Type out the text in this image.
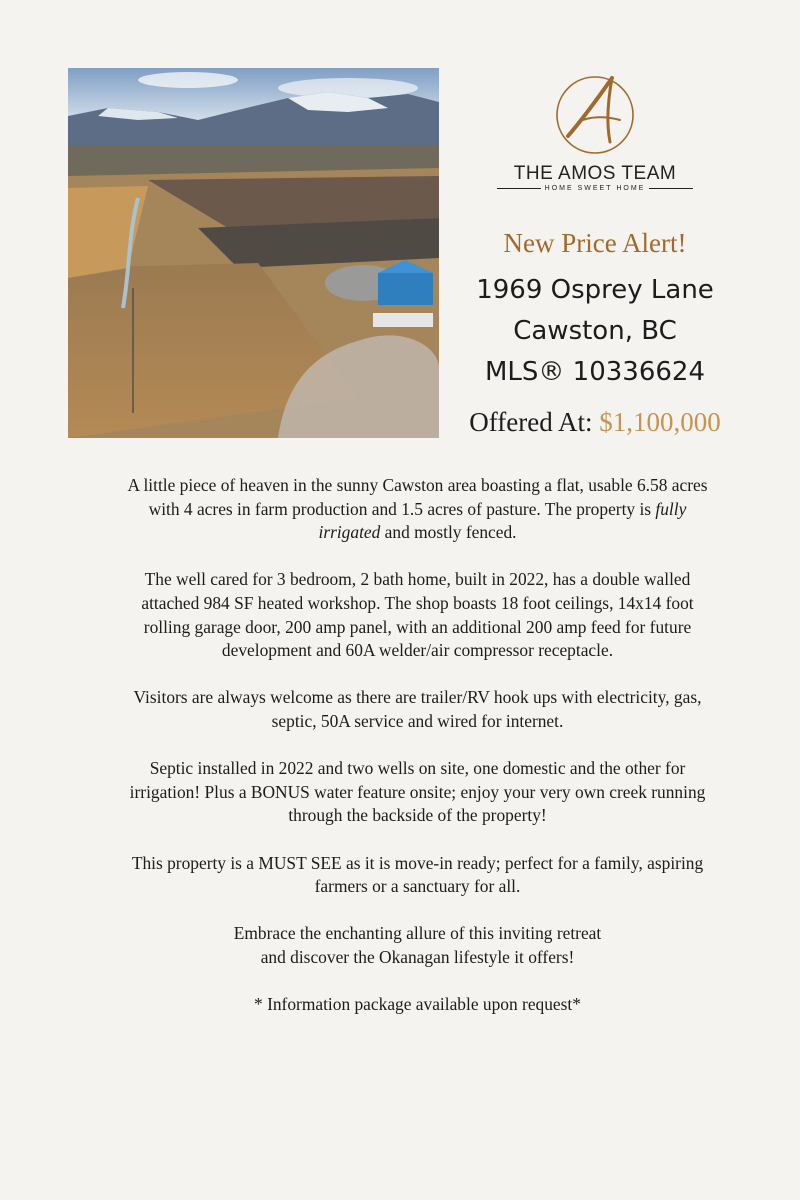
A
THE AMOS TEAM
HOME SWEET HOME
New Price Alert!
1969 Osprey Lane
Cawston, BC
MLS® 10336624
Offered At: $1,100,000

A little piece of heaven in the sunny Cawston area boasting a flat, usable 6.58 acres with 4 acres in farm production and 1.5 acres of pasture. The property is fully irrigated and mostly fenced.

The well cared for 3 bedroom, 2 bath home, built in 2022, has a double walled attached 984 SF heated workshop. The shop boasts 18 foot ceilings, 14x14 foot rolling garage door, 200 amp panel, with an additional 200 amp feed for future development and 60A welder/air compressor receptacle.

Visitors are always welcome as there are trailer/RV hook ups with electricity, gas, septic, 50A service and wired for internet.

Septic installed in 2022 and two wells on site, one domestic and the other for irrigation! Plus a BONUS water feature onsite; enjoy your very own creek running through the backside of the property!

This property is a MUST SEE as it is move-in ready; perfect for a family, aspiring farmers or a sanctuary for all.

Embrace the enchanting allure of this inviting retreat
and discover the Okanagan lifestyle it offers!

* Information package available upon request*
